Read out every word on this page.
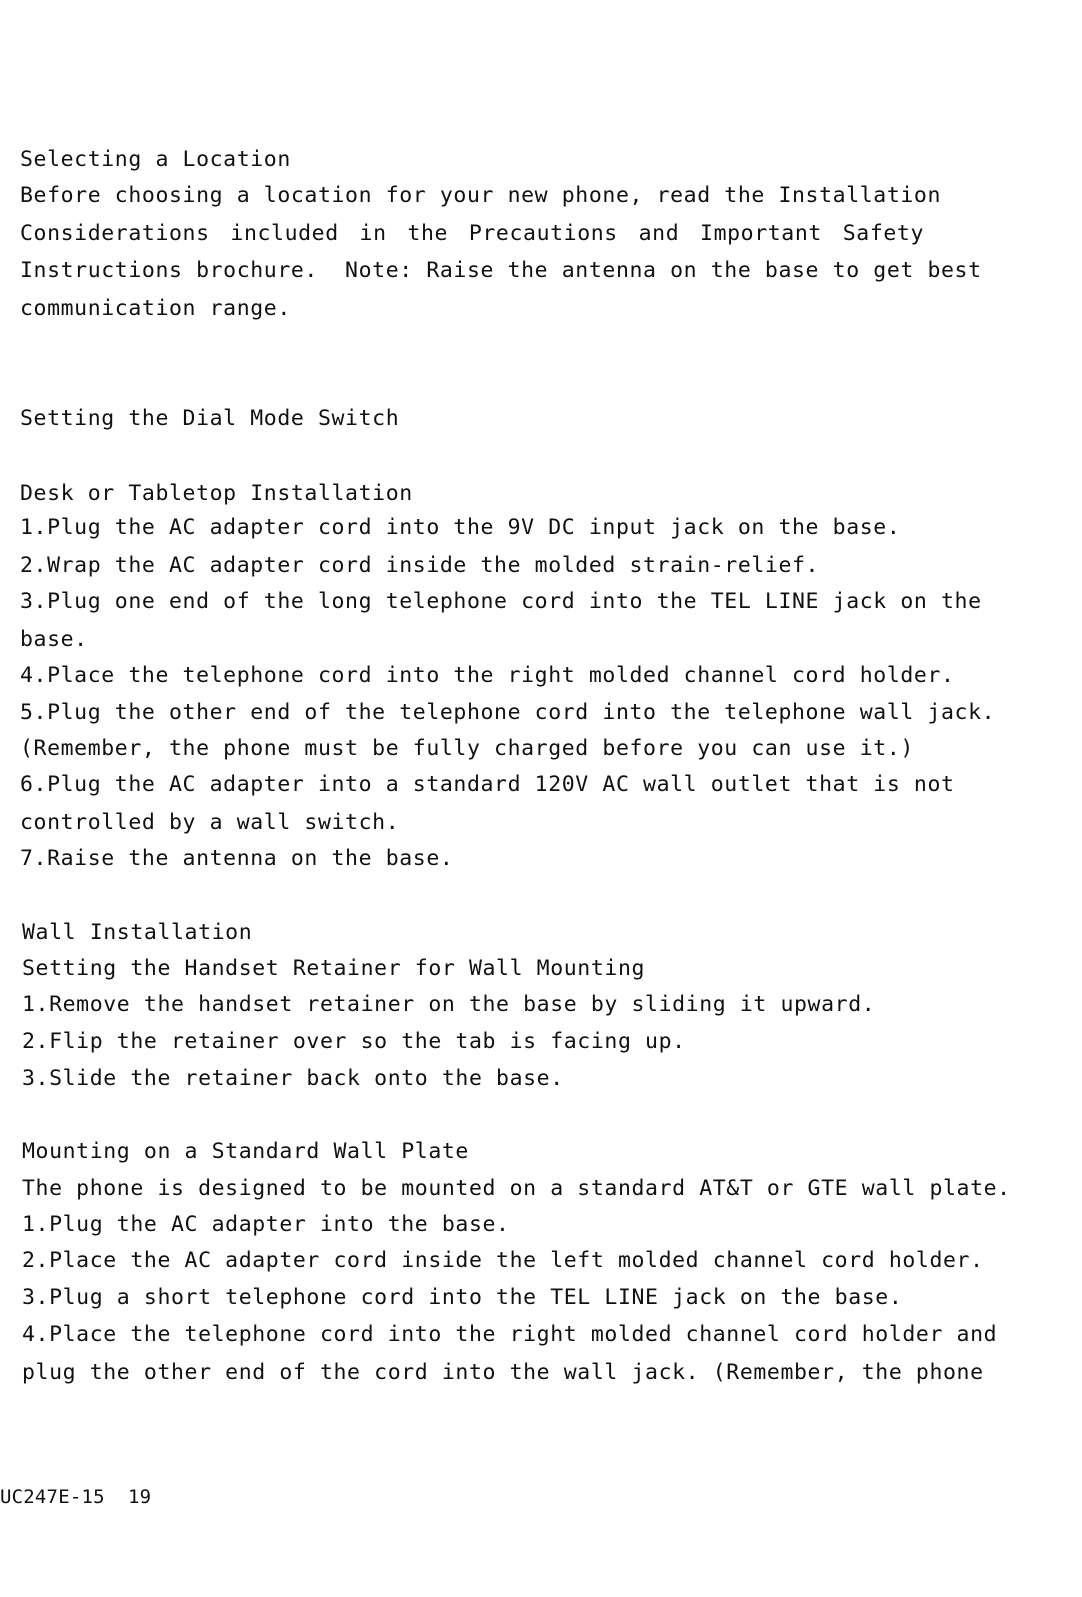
Selecting a Location
Before choosing a location for your new phone, read the Installation
Considerations included in the Precautions and Important Safety
Instructions brochure.  Note: Raise the antenna on the base to get best
communication range.
Setting the Dial Mode Switch
Desk or Tabletop Installation
1.Plug the AC adapter cord into the 9V DC input jack on the base.
2.Wrap the AC adapter cord inside the molded strain-relief.
3.Plug one end of the long telephone cord into the TEL LINE jack on the
base.
4.Place the telephone cord into the right molded channel cord holder.
5.Plug the other end of the telephone cord into the telephone wall jack.
(Remember, the phone must be fully charged before you can use it.)
6.Plug the AC adapter into a standard 120V AC wall outlet that is not
controlled by a wall switch.
7.Raise the antenna on the base.
Wall Installation
Setting the Handset Retainer for Wall Mounting
1.Remove the handset retainer on the base by sliding it upward.
2.Flip the retainer over so the tab is facing up.
3.Slide the retainer back onto the base.
Mounting on a Standard Wall Plate
The phone is designed to be mounted on a standard AT&T or GTE wall plate.
1.Plug the AC adapter into the base.
2.Place the AC adapter cord inside the left molded channel cord holder.
3.Plug a short telephone cord into the TEL LINE jack on the base.
4.Place the telephone cord into the right molded channel cord holder and
plug the other end of the cord into the wall jack. (Remember, the phone
UC247E-15  19
